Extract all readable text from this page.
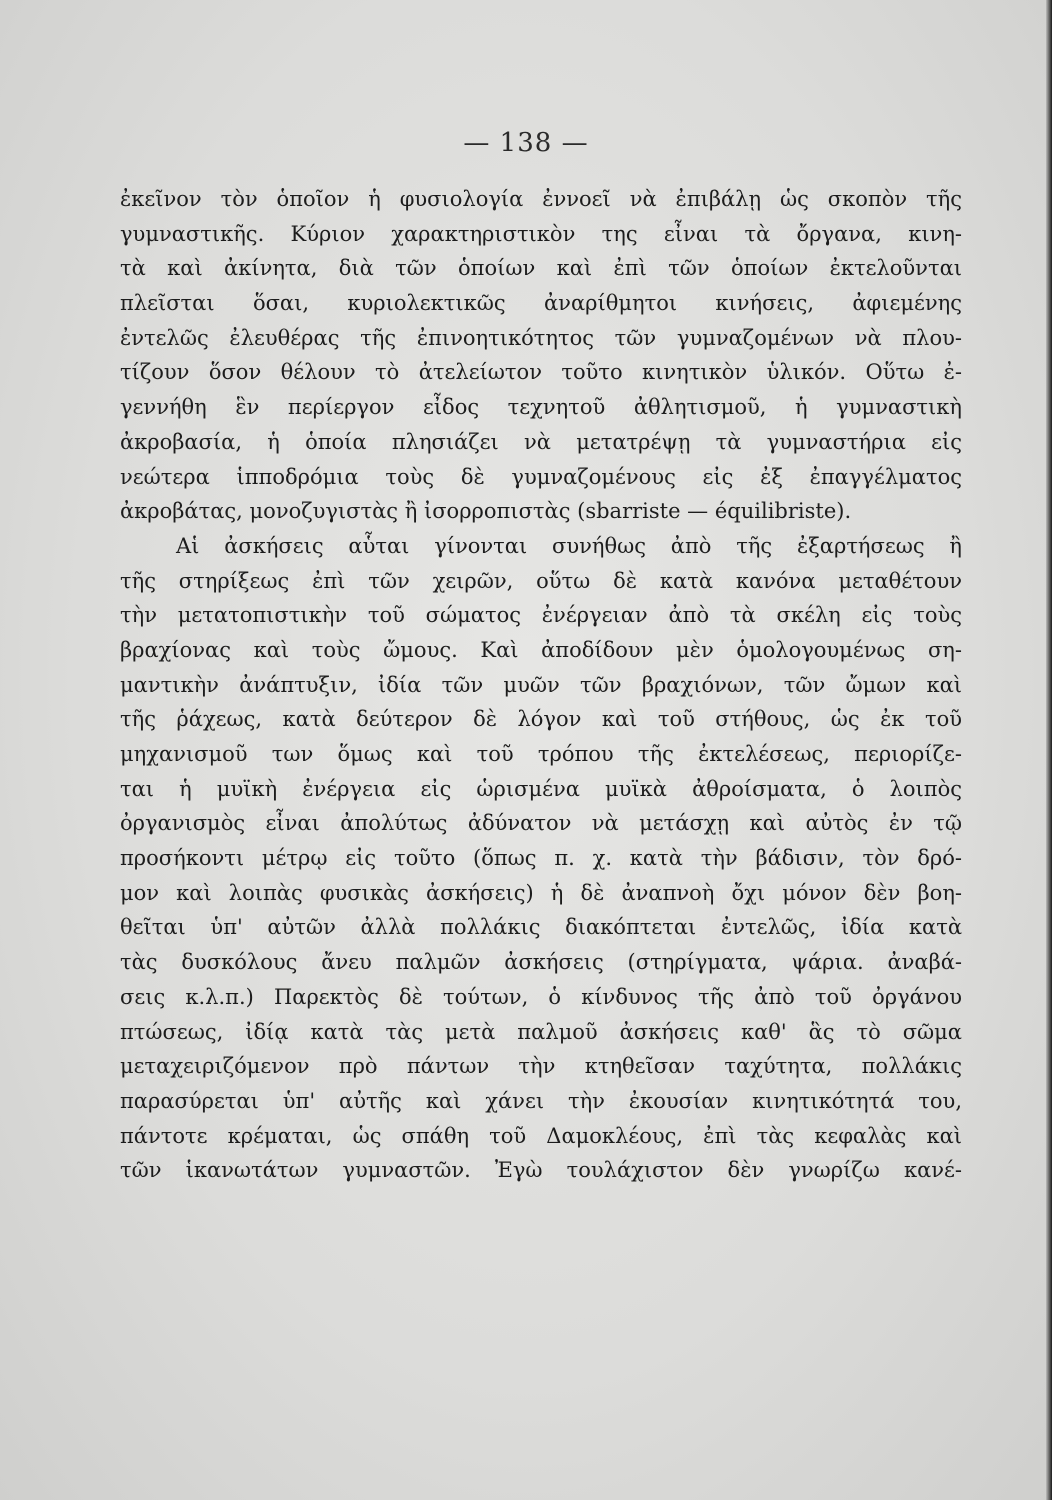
— 138 —
ἐκεῖνον τὸν ὁποῖον ἡ φυσιολογία ἐννοεῖ νὰ ἐπιβάλῃ ὡς σκοπὸν τῆς
γυμναστικῆς. Κύριον χαρακτηριστικὸν της εἶναι τὰ ὄργανα, κινη-
τὰ καὶ ἀκίνητα, διὰ τῶν ὁποίων καὶ ἐπὶ τῶν ὁποίων ἐκτελοῦνται
πλεῖσται ὅσαι, κυριολεκτικῶς ἀναρίθμητοι κινήσεις, ἀφιεμένης
ἐντελῶς ἐλευθέρας τῆς ἐπινοητικότητος τῶν γυμναζομένων νὰ πλου-
τίζουν ὅσον θέλουν τὸ ἀτελείωτον τοῦτο κινητικὸν ὑλικόν. Οὕτω ἐ-
γεννήθη ἓν περίεργον εἶδος τεχνητοῦ ἀθλητισμοῦ, ἡ γυμναστικὴ
ἀκροβασία, ἡ ὁποία πλησιάζει νὰ μετατρέψῃ τὰ γυμναστήρια εἰς
νεώτερα ἱπποδρόμια τοὺς δὲ γυμναζομένους εἰς ἐξ ἐπαγγέλματος
ἀκροβάτας, μονοζυγιστὰς ἢ ἰσορροπιστὰς (sbarriste — équilibriste).
Αἱ ἀσκήσεις αὗται γίνονται συνήθως ἀπὸ τῆς ἐξαρτήσεως ἢ
τῆς στηρίξεως ἐπὶ τῶν χειρῶν, οὕτω δὲ κατὰ κανόνα μεταθέτουν
τὴν μετατοπιστικὴν τοῦ σώματος ἐνέργειαν ἀπὸ τὰ σκέλη εἰς τοὺς
βραχίονας καὶ τοὺς ὤμους. Καὶ ἀποδίδουν μὲν ὁμολογουμένως ση-
μαντικὴν ἀνάπτυξιν, ἰδία τῶν μυῶν τῶν βραχιόνων, τῶν ὤμων καὶ
τῆς ῥάχεως, κατὰ δεύτερον δὲ λόγον καὶ τοῦ στήθους, ὡς ἐκ τοῦ
μηχανισμοῦ των ὅμως καὶ τοῦ τρόπου τῆς ἐκτελέσεως, περιορίζε-
ται ἡ μυϊκὴ ἐνέργεια εἰς ὡρισμένα μυϊκὰ ἀθροίσματα, ὁ λοιπὸς
ὀργανισμὸς εἶναι ἀπολύτως ἀδύνατον νὰ μετάσχῃ καὶ αὐτὸς ἐν τῷ
προσήκοντι μέτρῳ εἰς τοῦτο (ὅπως π. χ. κατὰ τὴν βάδισιν, τὸν δρό-
μον καὶ λοιπὰς φυσικὰς ἀσκήσεις) ἡ δὲ ἀναπνοὴ ὄχι μόνον δὲν βοη-
θεῖται ὑπ' αὐτῶν ἀλλὰ πολλάκις διακόπτεται ἐντελῶς, ἰδία κατὰ
τὰς δυσκόλους ἄνευ παλμῶν ἀσκήσεις (στηρίγματα, ψάρια. ἀναβά-
σεις κ.λ.π.) Παρεκτὸς δὲ τούτων, ὁ κίνδυνος τῆς ἀπὸ τοῦ ὀργάνου
πτώσεως, ἰδίᾳ κατὰ τὰς μετὰ παλμοῦ ἀσκήσεις καθ' ἃς τὸ σῶμα
μεταχειριζόμενον πρὸ πάντων τὴν κτηθεῖσαν ταχύτητα, πολλάκις
παρασύρεται ὑπ' αὐτῆς καὶ χάνει τὴν ἐκουσίαν κινητικότητά του,
πάντοτε κρέμαται, ὡς σπάθη τοῦ Δαμοκλέους, ἐπὶ τὰς κεφαλὰς καὶ
τῶν ἱκανωτάτων γυμναστῶν. Ἐγὼ τουλάχιστον δὲν γνωρίζω κανέ-
